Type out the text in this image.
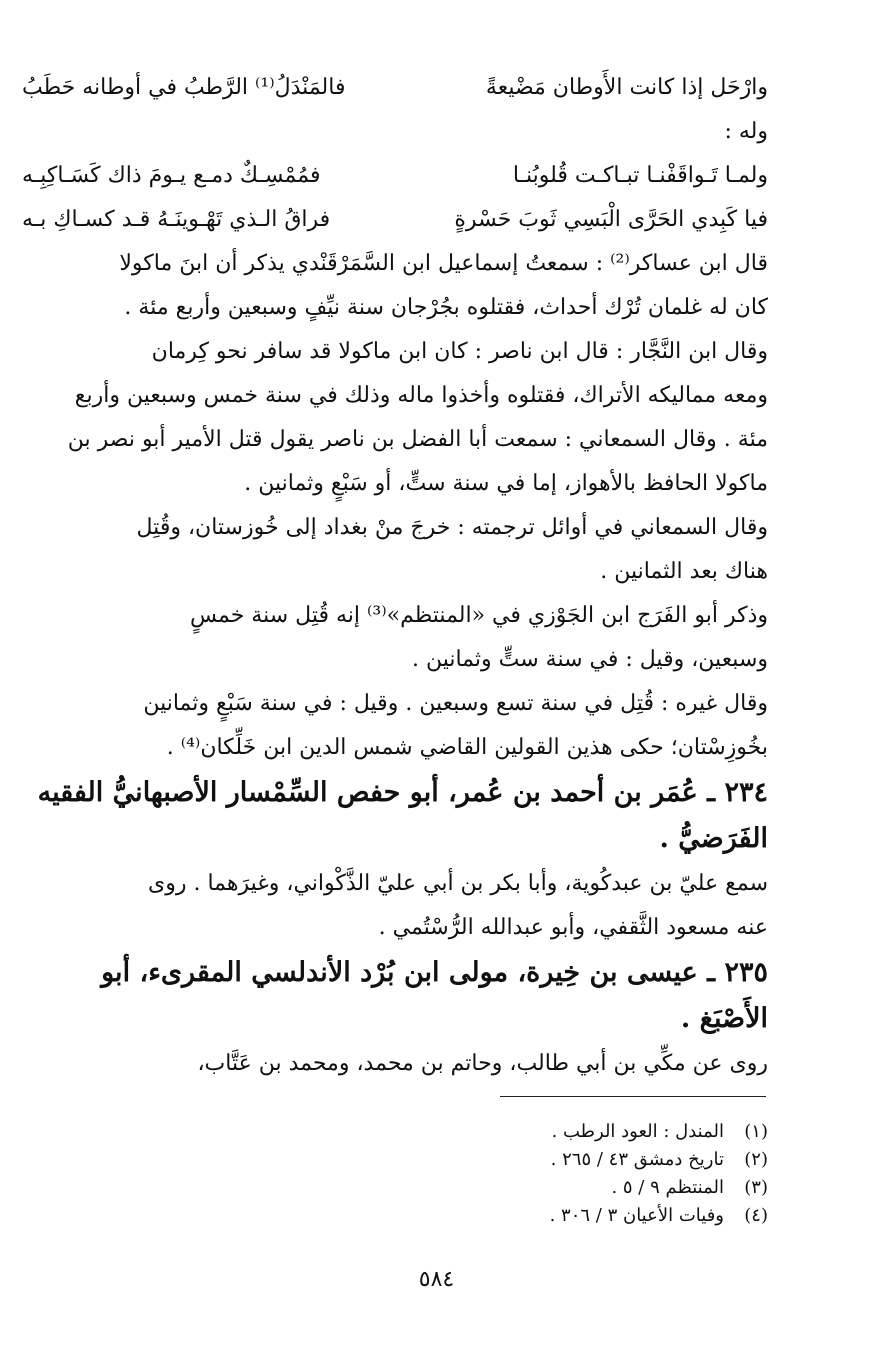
وارْحَل إذا كانت الأَوطان مَضْيعةً
فالمَنْدَلُ⁽¹⁾ الرَّطبُ في أوطانه حَطَبُ
وله :
ولمـا تَـواقَفْنـا تبـاكـت قُلوبُنـا
فمُمْسِـكٌ دمـع يـومَ ذاك كَسَـاكِبِـه
فيا كَبِدي الحَرَّى الْبَسِي ثَوبَ حَسْرةٍ
فراقُ الـذي تَهْـوينَـهُ قـد كسـاكِ بـه
قال ابن عساكر⁽²⁾ : سمعتُ إسماعيل ابن السَّمَرْقَنْدي يذكر أن ابنَ ماكولا
كان له غلمان تُرْك أحداث، فقتلوه بجُرْجان سنة نيِّفٍ وسبعين وأربع مئة .
وقال ابن النَّجَّار : قال ابن ناصر : كان ابن ماكولا قد سافر نحو كِرمان
ومعه مماليكه الأتراك، فقتلوه وأخذوا ماله وذلك في سنة خمس وسبعين وأربع
مئة . وقال السمعاني : سمعت أبا الفضل بن ناصر يقول قتل الأمير أبو نصر بن
ماكولا الحافظ بالأهواز، إما في سنة ستٍّ، أو سَبْعٍ وثمانين .
وقال السمعاني في أوائل ترجمته : خرجَ منْ بغداد إلى خُوزستان، وقُتِل
هناك بعد الثمانين .
وذكر أبو الفَرَج ابن الجَوْزي في «المنتظم»⁽³⁾ إنه قُتِل سنة خمسٍ
وسبعين، وقيل : في سنة ستٍّ وثمانين .
وقال غيره : قُتِل في سنة تسع وسبعين . وقيل : في سنة سَبْعٍ وثمانين
بخُوزِسْتان؛ حكى هذين القولين القاضي شمس الدين ابن خَلِّكان⁽⁴⁾ .
٢٣٤ ـ عُمَر بن أحمد بن عُمر، أبو حفص السِّمْسار الأصبهانيُّ الفقيه
الفَرَضيُّ .
سمع عليّ بن عبدكُوية، وأبا بكر بن أبي عليّ الذَّكْواني، وغيرَهما . روى
عنه مسعود الثَّقفي، وأبو عبدالله الرُّسْتُمي .
٢٣٥ ـ عيسى بن خِيرة، مولى ابن بُرْد الأندلسي المقرىء، أبو
الأَصْبَغ .
روى عن مكِّي بن أبي طالب، وحاتم بن محمد، ومحمد بن عَتَّاب،
(١)
المندل : العود الرطب .
(٢)
تاريخ دمشق ٤٣ / ٢٦٥ .
(٣)
المنتظم ٩ / ٥ .
(٤)
وفيات الأعيان ٣ / ٣٠٦ .
٥٨٤
